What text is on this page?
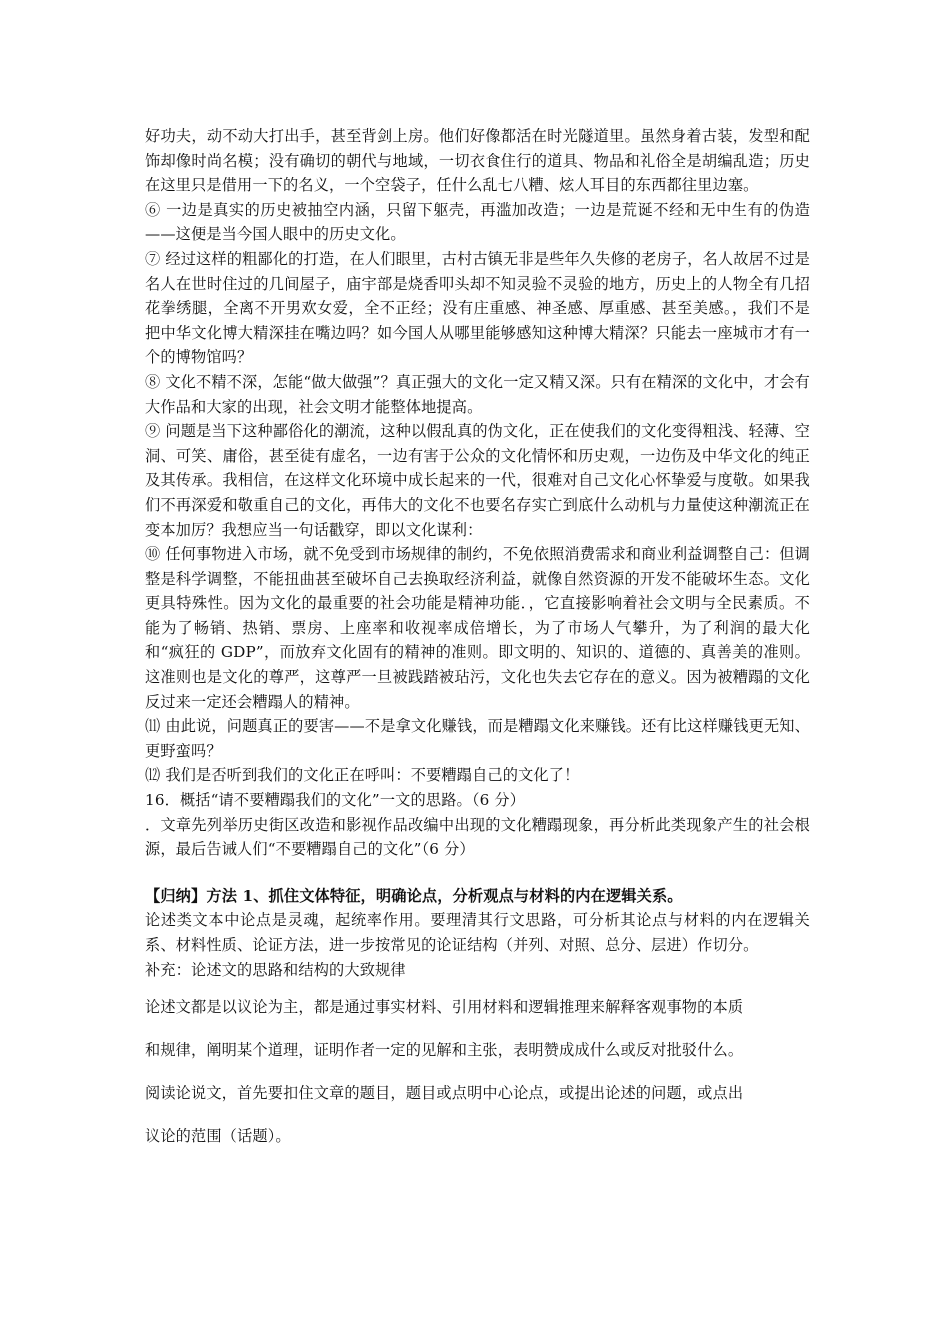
好功夫，动不动大打出手，甚至背剑上房。他们好像都活在时光隧道里。虽然身着古装，发型和配饰却像时尚名模；没有确切的朝代与地域，一切衣食住行的道具、物品和礼俗全是胡编乱造；历史在这里只是借用一下的名义，一个空袋子，任什么乱七八糟、炫人耳目的东西都往里边塞。

⑥ 一边是真实的历史被抽空内涵，只留下躯壳，再滥加改造；一边是荒诞不经和无中生有的伪造——这便是当今国人眼中的历史文化。

⑦ 经过这样的粗鄙化的打造，在人们眼里，古村古镇无非是些年久失修的老房子，名人故居不过是名人在世时住过的几间屋子，庙宇部是烧香叩头却不知灵验不灵验的地方，历史上的人物全有几招花拳绣腿，全离不开男欢女爱，全不正经；没有庄重感、神圣感、厚重感、甚至美感。，我们不是把中华文化博大精深挂在嘴边吗？如今国人从哪里能够感知这种博大精深？只能去一座城市才有一个的博物馆吗？

⑧ 文化不精不深，怎能“做大做强”？真正强大的文化一定又精又深。只有在精深的文化中，才会有大作品和大家的出现，社会文明才能整体地提高。

⑨ 问题是当下这种鄙俗化的潮流，这种以假乱真的伪文化，正在使我们的文化变得粗浅、轻薄、空洞、可笑、庸俗，甚至徒有虚名，一边有害于公众的文化情怀和历史观，一边伤及中华文化的纯正及其传承。我相信，在这样文化环境中成长起来的一代，很难对自己文化心怀挚爱与度敬。如果我们不再深爱和敬重自己的文化，再伟大的文化不也要名存实亡到底什么动机与力量使这种潮流正在变本加厉？我想应当一句话戳穿，即以文化谋利：

⑩ 任何事物进入市场，就不免受到市场规律的制约，不免依照消费需求和商业利益调整自己：但调整是科学调整，不能扭曲甚至破坏自己去换取经济利益，就像自然资源的开发不能破坏生态。文化更具特殊性。因为文化的最重要的社会功能是精神功能．，它直接影响着社会文明与全民素质。不能为了畅销、热销、票房、上座率和收视率成倍增长，为了市场人气攀升，为了利润的最大化和“疯狂的 GDP”，而放弃文化固有的精神的准则。即文明的、知识的、道德的、真善美的准则。这准则也是文化的尊严，这尊严一旦被践踏被玷污，文化也失去它存在的意义。因为被糟蹋的文化反过来一定还会糟蹋人的精神。

⑾ 由此说，问题真正的要害——不是拿文化赚钱，而是糟蹋文化来赚钱。还有比这样赚钱更无知、更野蛮吗？

⑿ 我们是否听到我们的文化正在呼叫：不要糟蹋自己的文化了！

16．概括“请不要糟蹋我们的文化”一文的思路。（6 分）

．文章先列举历史街区改造和影视作品改编中出现的文化糟蹋现象，再分析此类现象产生的社会根源，最后告诫人们“不要糟蹋自己的文化”（6 分）

【归纳】方法 1、抓住文体特征，明确论点，分析观点与材料的内在逻辑关系。

论述类文本中论点是灵魂，起统率作用。要理清其行文思路，可分析其论点与材料的内在逻辑关系、材料性质、论证方法，进一步按常见的论证结构（并列、对照、总分、层进）作切分。

补充：论述文的思路和结构的大致规律

论述文都是以议论为主，都是通过事实材料、引用材料和逻辑推理来解释客观事物的本质

和规律，阐明某个道理，证明作者一定的见解和主张，表明赞成成什么或反对批驳什么。

阅读论说文，首先要扣住文章的题目，题目或点明中心论点，或提出论述的问题，或点出

议论的范围（话题）。
